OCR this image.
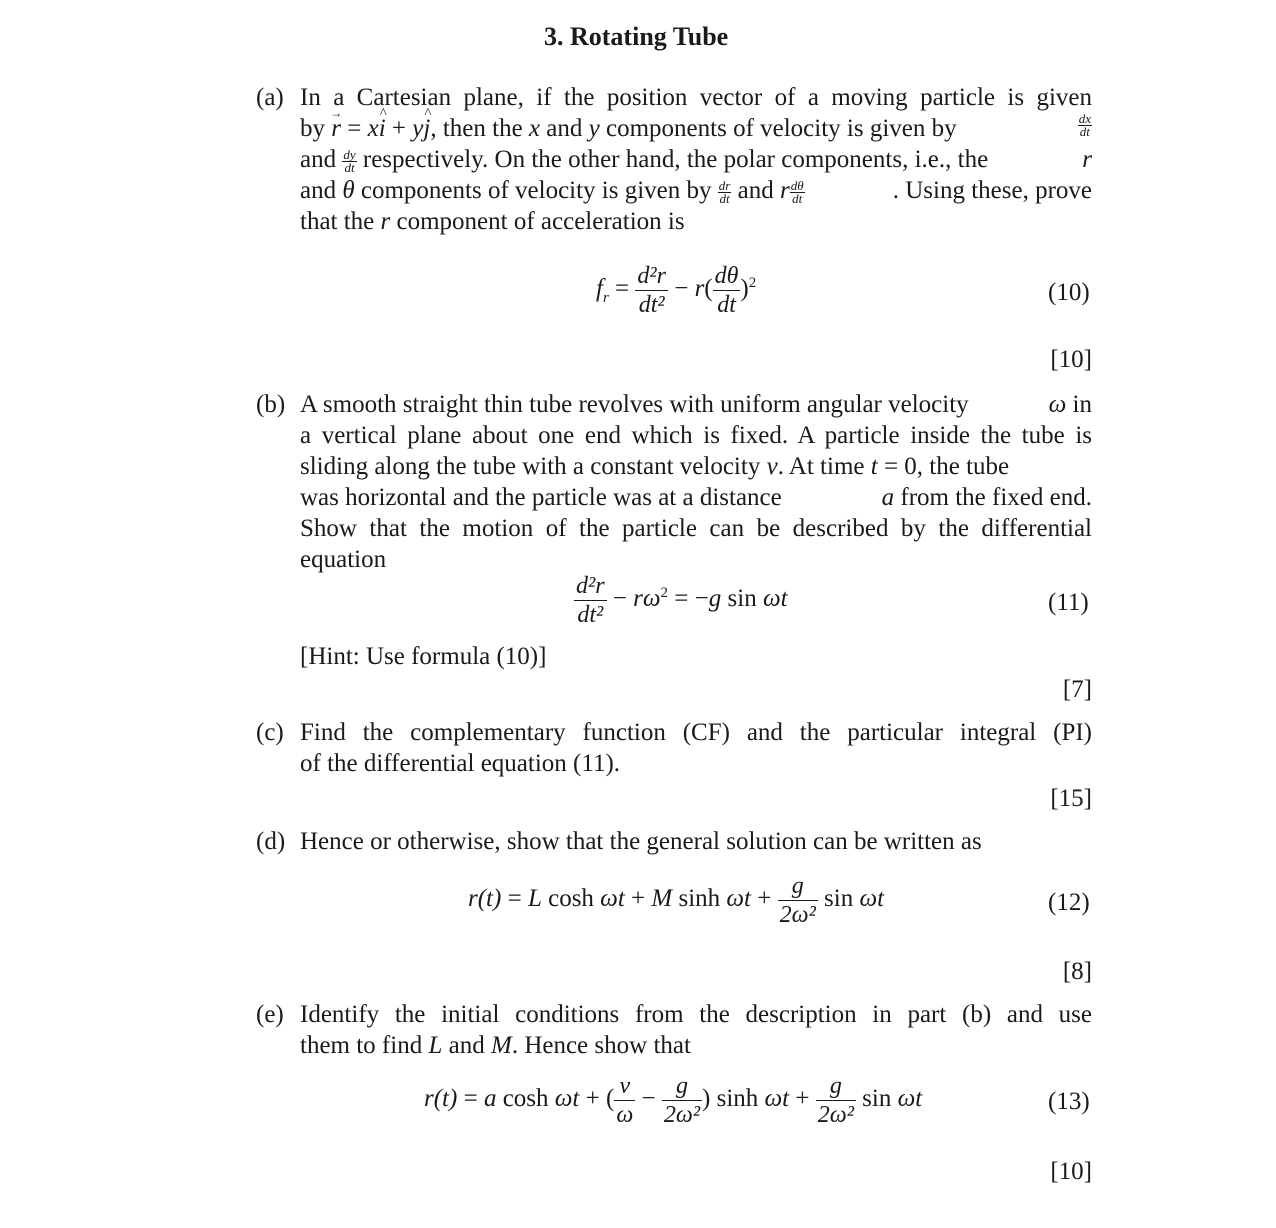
3. Rotating Tube
(a) In a Cartesian plane, if the position vector of a moving particle is given
by r → = xi ^ + yj ^, then the x and y components of velocity is given by	$\frac{dx}{dt}$
and $\frac{dy}{dt}$ respectively. On the other hand, the polar components, i.e., the	r
and θ components of velocity is given by $\frac{dr}{dt}$ and r $\frac{d\theta}{dt}$	. Using these, prove
that the r component of acceleration is
$f_r = \frac{\text{d²r}}{\text{dt²}} - r( \frac{d\theta}{dt} )^2$	(10)
[10]
(b) A smooth straight thin tube revolves with uniform angular velocity	ω in
a vertical plane about one end which is fixed. A particle inside the tube is
sliding along the tube with a constant velocity v. At time t = 0, the tube
was horizontal and the particle was at a distance	a from the fixed end.
Show that the motion of the particle can be described by the differential
equation
$\frac{\text{d²r}}{\text{dt²}} - r\omega^2 = -g$ sin ωt	(11)
[Hint: Use formula (10)]
[7]
(c) Find the complementary function (CF) and the particular integral (PI)
of the differential equation (11).
[15]
(d) Hence or otherwise, show that the general solution can be written as
r(t) = L cosh ωt + M $\sinh \omega t + \frac{g}{\text{2ω²}}$ sin ωt	(12)
[8]
(e) Identify the initial conditions from the description in part (b) and use
them to find L and M. Hence show that
r(t) = a cosh ωt + ( $\frac{v}{\omega} - \frac{g}{\text{2ω²}}$ ) $\sinh \omega t + \frac{g}{\text{2ω²}}$ sin ωt	(13)
[10]
